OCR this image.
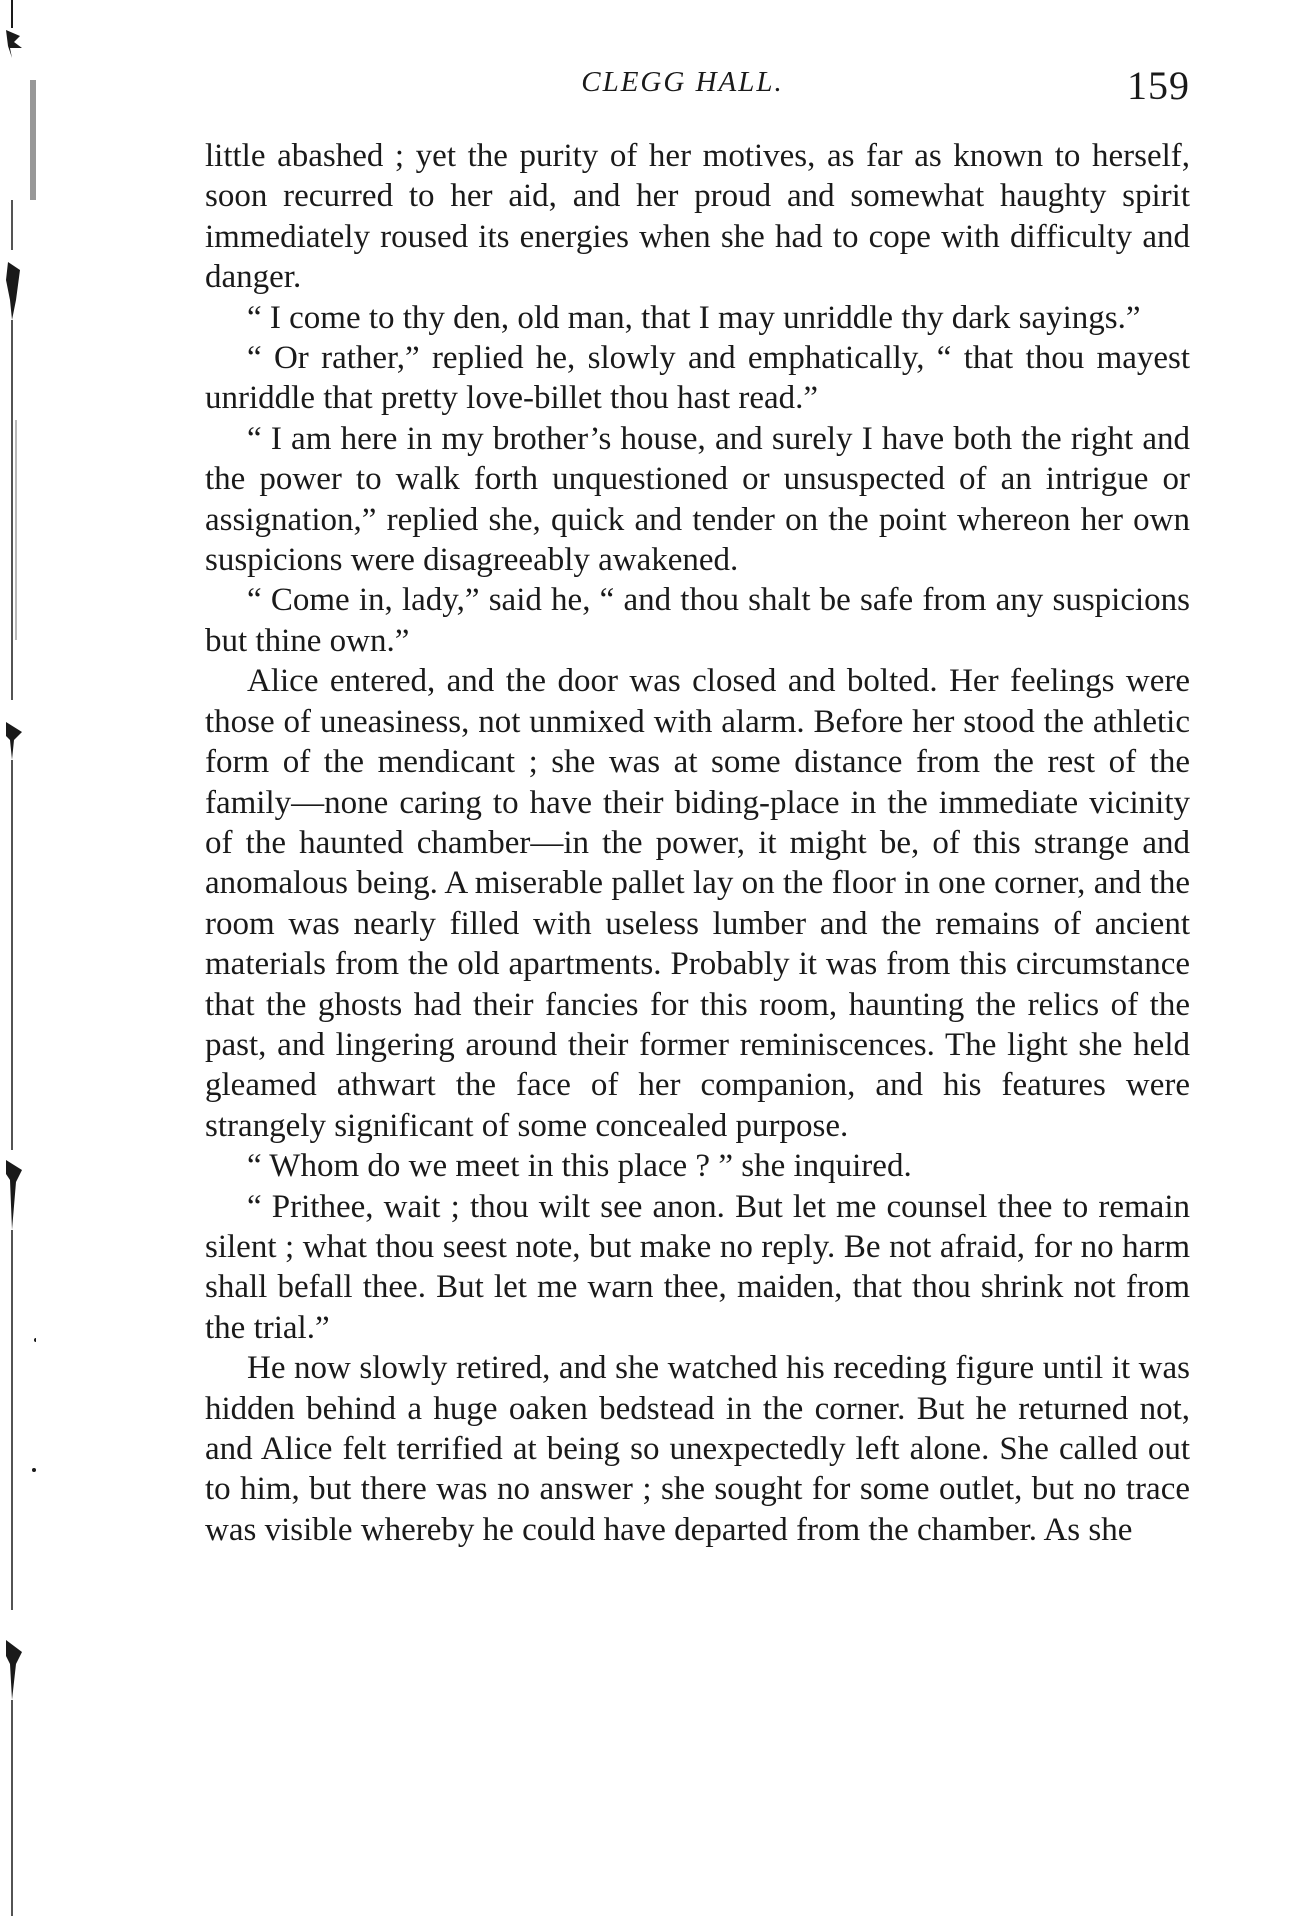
CLEGG HALL.	159

little abashed ; yet the purity of her motives, as far as known to herself, soon recurred to her aid, and her proud and somewhat haughty spirit immediately roused its energies when she had to cope with difficulty and danger.

“ I come to thy den, old man, that I may unriddle thy dark sayings.”

“ Or rather,” replied he, slowly and emphatically, “ that thou mayest unriddle that pretty love-billet thou hast read.”

“ I am here in my brother’s house, and surely I have both the right and the power to walk forth unquestioned or unsuspected of an intrigue or assignation,” replied she, quick and tender on the point whereon her own suspicions were disagreeably awakened.

“ Come in, lady,” said he, “ and thou shalt be safe from any suspicions but thine own.”

Alice entered, and the door was closed and bolted. Her feelings were those of uneasiness, not unmixed with alarm. Before her stood the athletic form of the mendicant ; she was at some distance from the rest of the family—none caring to have their biding-place in the immediate vicinity of the haunted chamber—in the power, it might be, of this strange and anomalous being. A miserable pallet lay on the floor in one corner, and the room was nearly filled with useless lumber and the remains of ancient materials from the old apartments. Probably it was from this circumstance that the ghosts had their fancies for this room, haunting the relics of the past, and lingering around their former reminiscences. The light she held gleamed athwart the face of her companion, and his features were strangely significant of some concealed purpose.

“ Whom do we meet in this place ? ” she inquired.

“ Prithee, wait ; thou wilt see anon. But let me counsel thee to remain silent ; what thou seest note, but make no reply. Be not afraid, for no harm shall befall thee. But let me warn thee, maiden, that thou shrink not from the trial.”

He now slowly retired, and she watched his receding figure until it was hidden behind a huge oaken bedstead in the corner. But he returned not, and Alice felt terrified at being so unexpectedly left alone. She called out to him, but there was no answer ; she sought for some outlet, but no trace was visible whereby he could have departed from the chamber. As she
